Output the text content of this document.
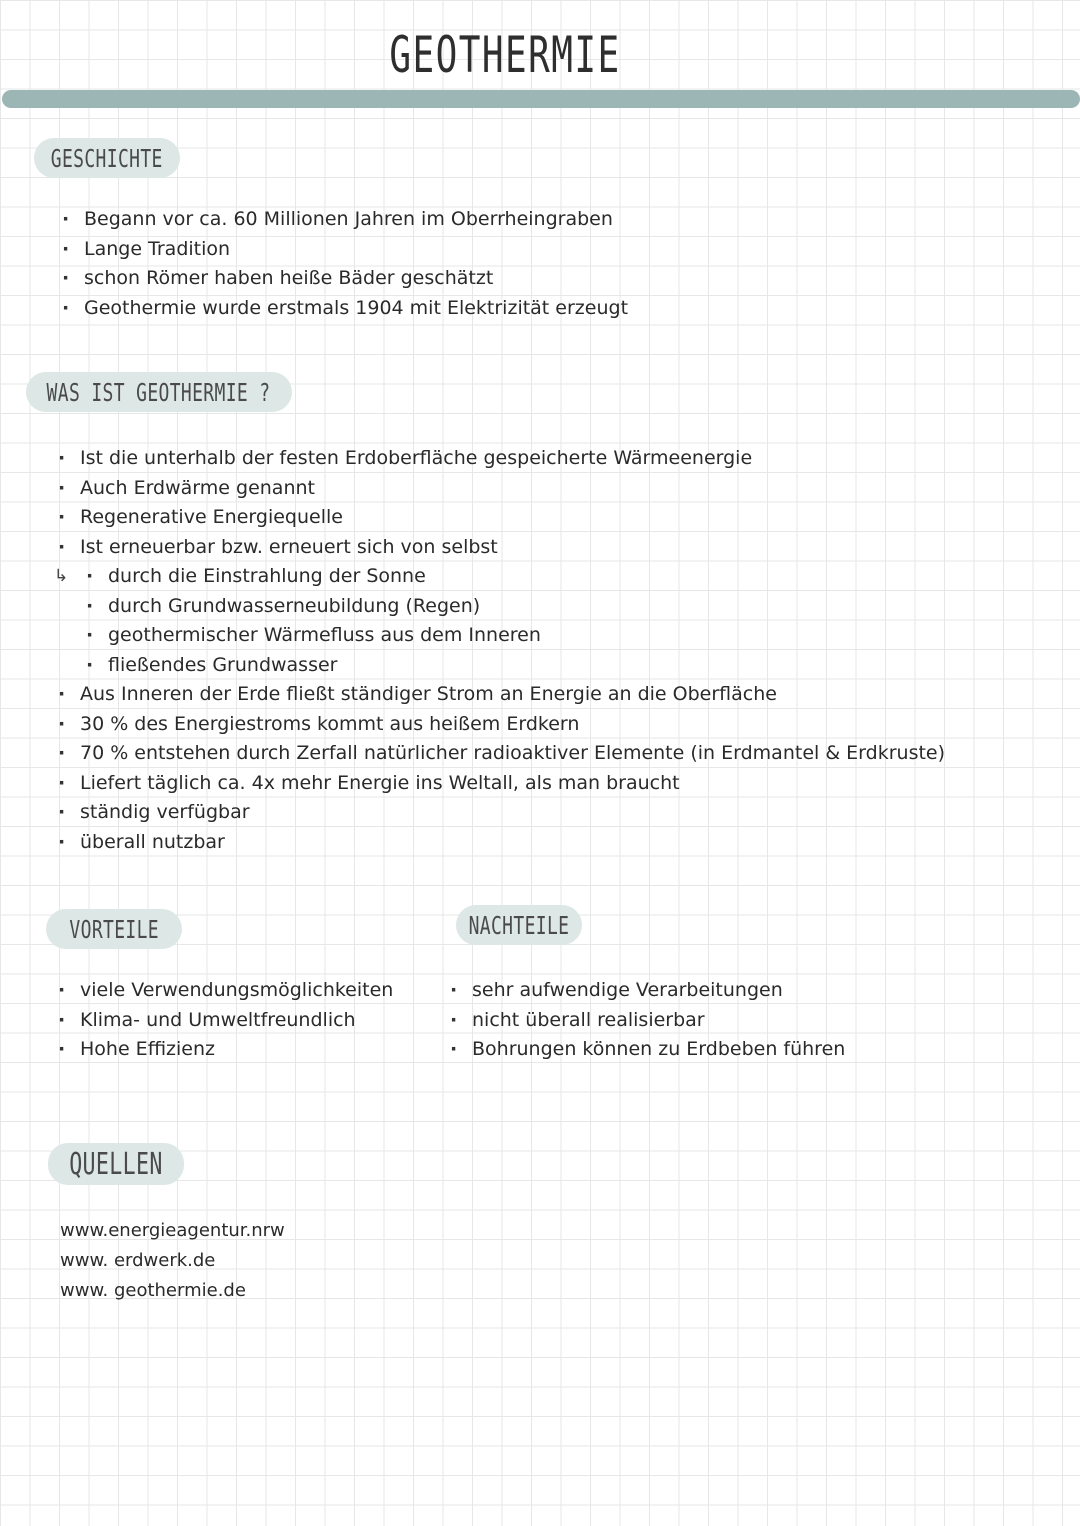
GEOTHERMIE
GESCHICHTE
· Begann vor ca. 60 Millionen Jahren im Oberrheingraben
· Lange Tradition
· schon Römer haben heiße Bäder geschätzt
· Geothermie wurde erstmals 1904 mit Elektrizität erzeugt
WAS IST GEOTHERMIE ?
· Ist die unterhalb der festen Erdoberfläche gespeicherte Wärmeenergie
· Auch Erdwärme genannt
· Regenerative Energiequelle
· Ist erneuerbar bzw. erneuert sich von selbst
· durch die Einstrahlung der Sonne ↳
· durch Grundwasserneubildung (Regen)
· geothermischer Wärmefluss aus dem Inneren
· fließendes Grundwasser
· Aus Inneren der Erde fließt ständiger Strom an Energie an die Oberfläche
· 30 % des Energiestroms kommt aus heißem Erdkern
· 70 % entstehen durch Zerfall natürlicher radioaktiver Elemente (in Erdmantel & Erdkruste)
· Liefert täglich ca. 4x mehr Energie ins Weltall, als man braucht
· ständig verfügbar
· überall nutzbar
VORTEILE
· viele Verwendungsmöglichkeiten
· Klima- und Umweltfreundlich
· Hohe Effizienz
NACHTEILE
· sehr aufwendige Verarbeitungen
· nicht überall realisierbar
· Bohrungen können zu Erdbeben führen
QUELLEN
www.energieagentur.nrw
www. erdwerk.de
www. geothermie.de
